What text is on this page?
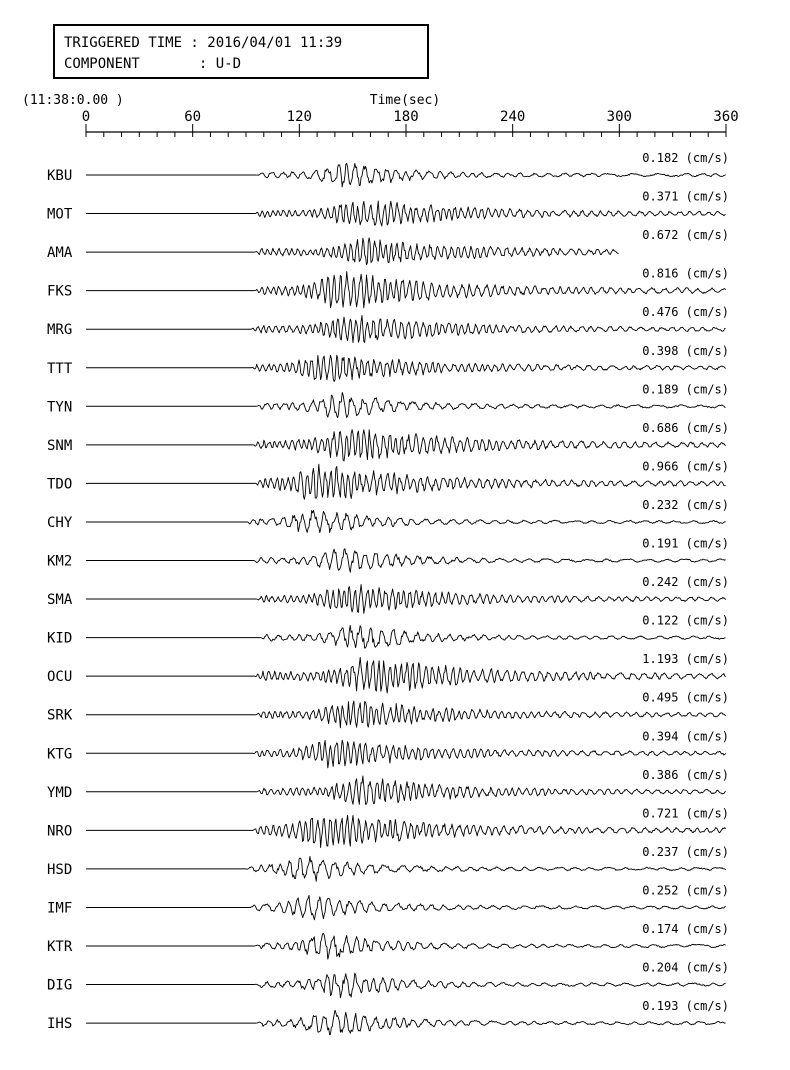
TRIGGERED TIME : 2016/04/01 11:39
COMPONENT       : U-D
(11:38:0.00 )	Time(sec)
0	60	120	180	240	300	360
KBU
0.182 (cm/s)
MOT
0.371 (cm/s)
AMA
0.672 (cm/s)
FKS
0.816 (cm/s)
MRG
0.476 (cm/s)
TTT
0.398 (cm/s)
TYN
0.189 (cm/s)
SNM
0.686 (cm/s)
TDO
0.966 (cm/s)
CHY
0.232 (cm/s)
KM2
0.191 (cm/s)
SMA
0.242 (cm/s)
KID
0.122 (cm/s)
OCU
1.193 (cm/s)
SRK
0.495 (cm/s)
KTG
0.394 (cm/s)
YMD
0.386 (cm/s)
NRO
0.721 (cm/s)
HSD
0.237 (cm/s)
IMF
0.252 (cm/s)
KTR
0.174 (cm/s)
DIG
0.204 (cm/s)
IHS
0.193 (cm/s)
